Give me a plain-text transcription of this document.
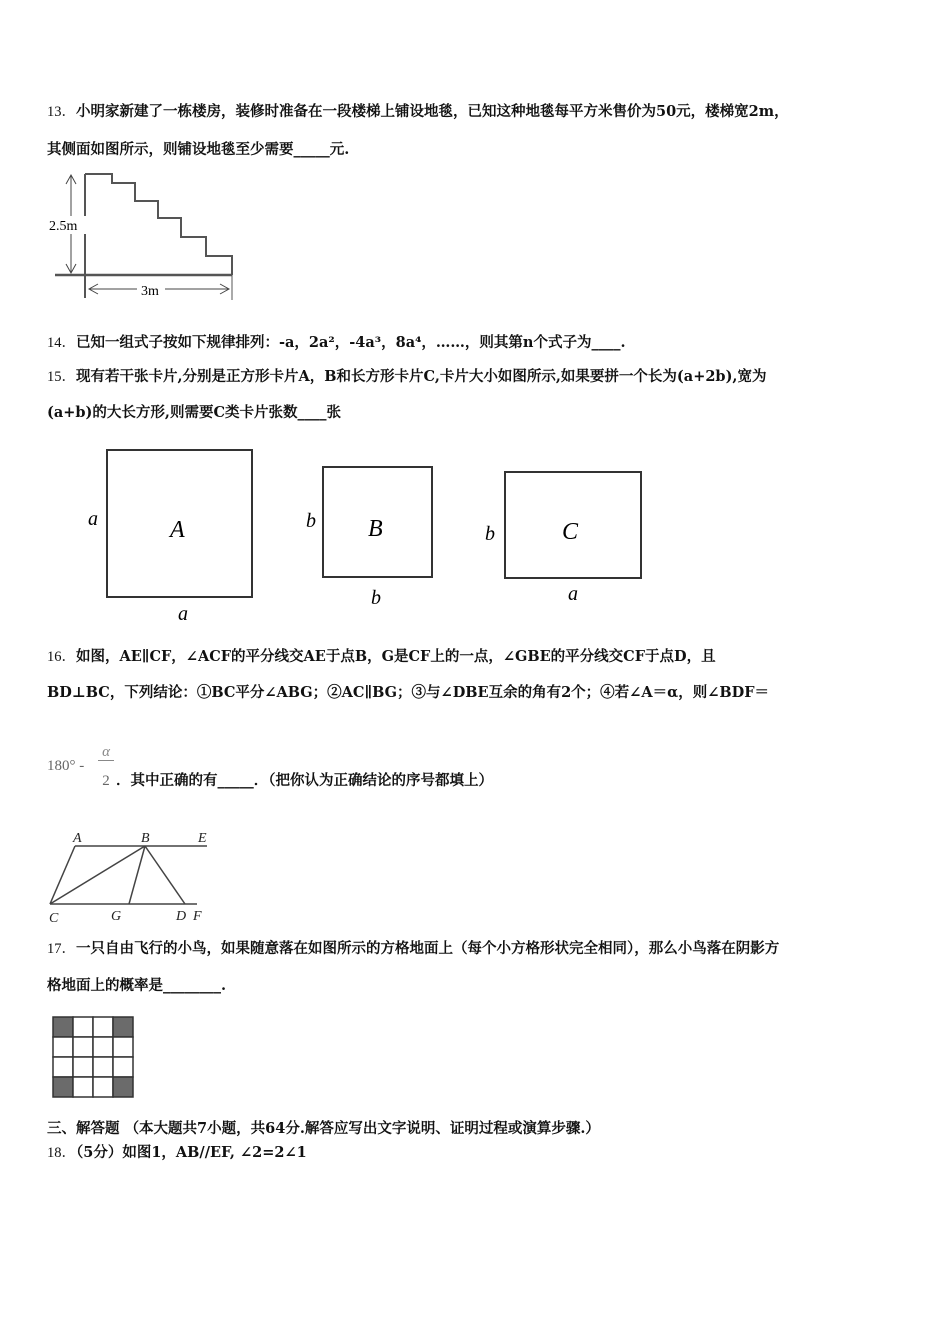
13．小明家新建了一栋楼房，装修时准备在一段楼梯上铺设地毯，已知这种地毯每平方米售价为50元，楼梯宽2m，
其侧面如图所示，则铺设地毯至少需要_____元.
2.5m
3m
14．已知一组式子按如下规律排列：-a，2a²，-4a³，8a⁴，……，则其第n个式子为____.
15．现有若干张卡片,分别是正方形卡片A，B和长方形卡片C,卡片大小如图所示,如果要拼一个长为(a+2b),宽为
(a+b)的大长方形,则需要C类卡片张数____张
A
a
a
B
b
b
C
b
a
16．如图，AE∥CF，∠ACF的平分线交AE于点B，G是CF上的一点，∠GBE的平分线交CF于点D，且
BD⊥BC，下列结论：①BC平分∠ABG；②AC∥BG；③与∠DBE互余的角有2个；④若∠A＝α，则∠BDF＝
180° -
α
2 ．其中正确的有_____．（把你认为正确结论的序号都填上）
A	B	E
C	G	D F
17．一只自由飞行的小鸟，如果随意落在如图所示的方格地面上（每个小方格形状完全相同），那么小鸟落在阴影方
格地面上的概率是________.
三、解答题 （本大题共7小题，共64分.解答应写出文字说明、证明过程或演算步骤.）
18．（5分）如图1，AB//EF, ∠2=2∠1
